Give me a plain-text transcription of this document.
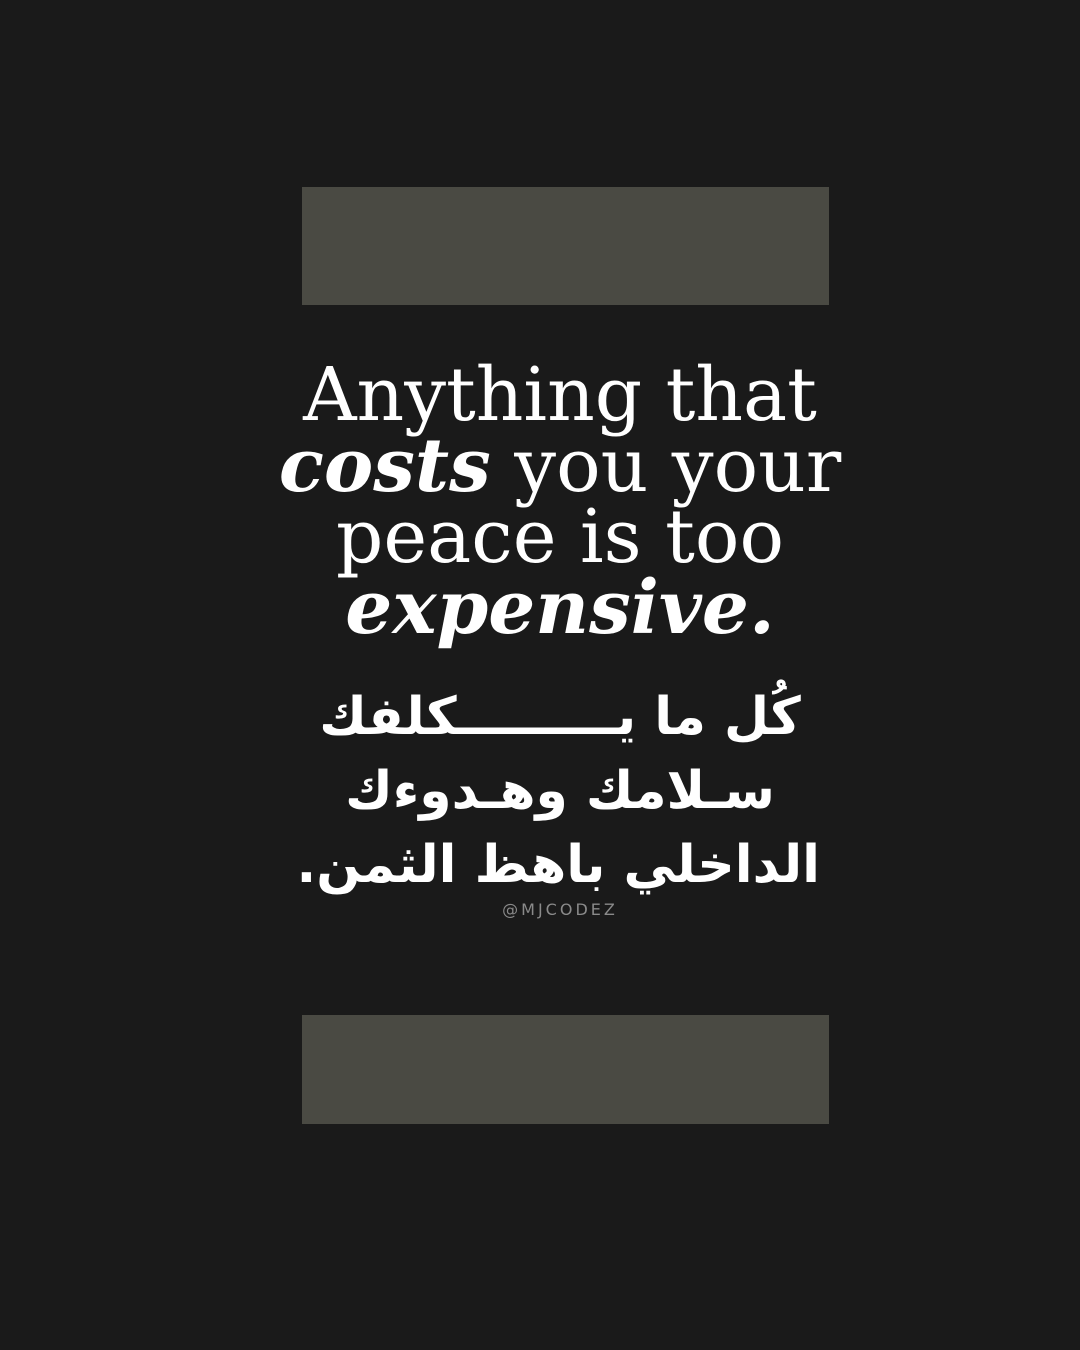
Anything that
costs you your
peace is too
expensive.
كُل ما يـــــــــكلفك
سـلامك وهـدوءك
الداخلي باهظ الثمن.
@MJCODEZ
